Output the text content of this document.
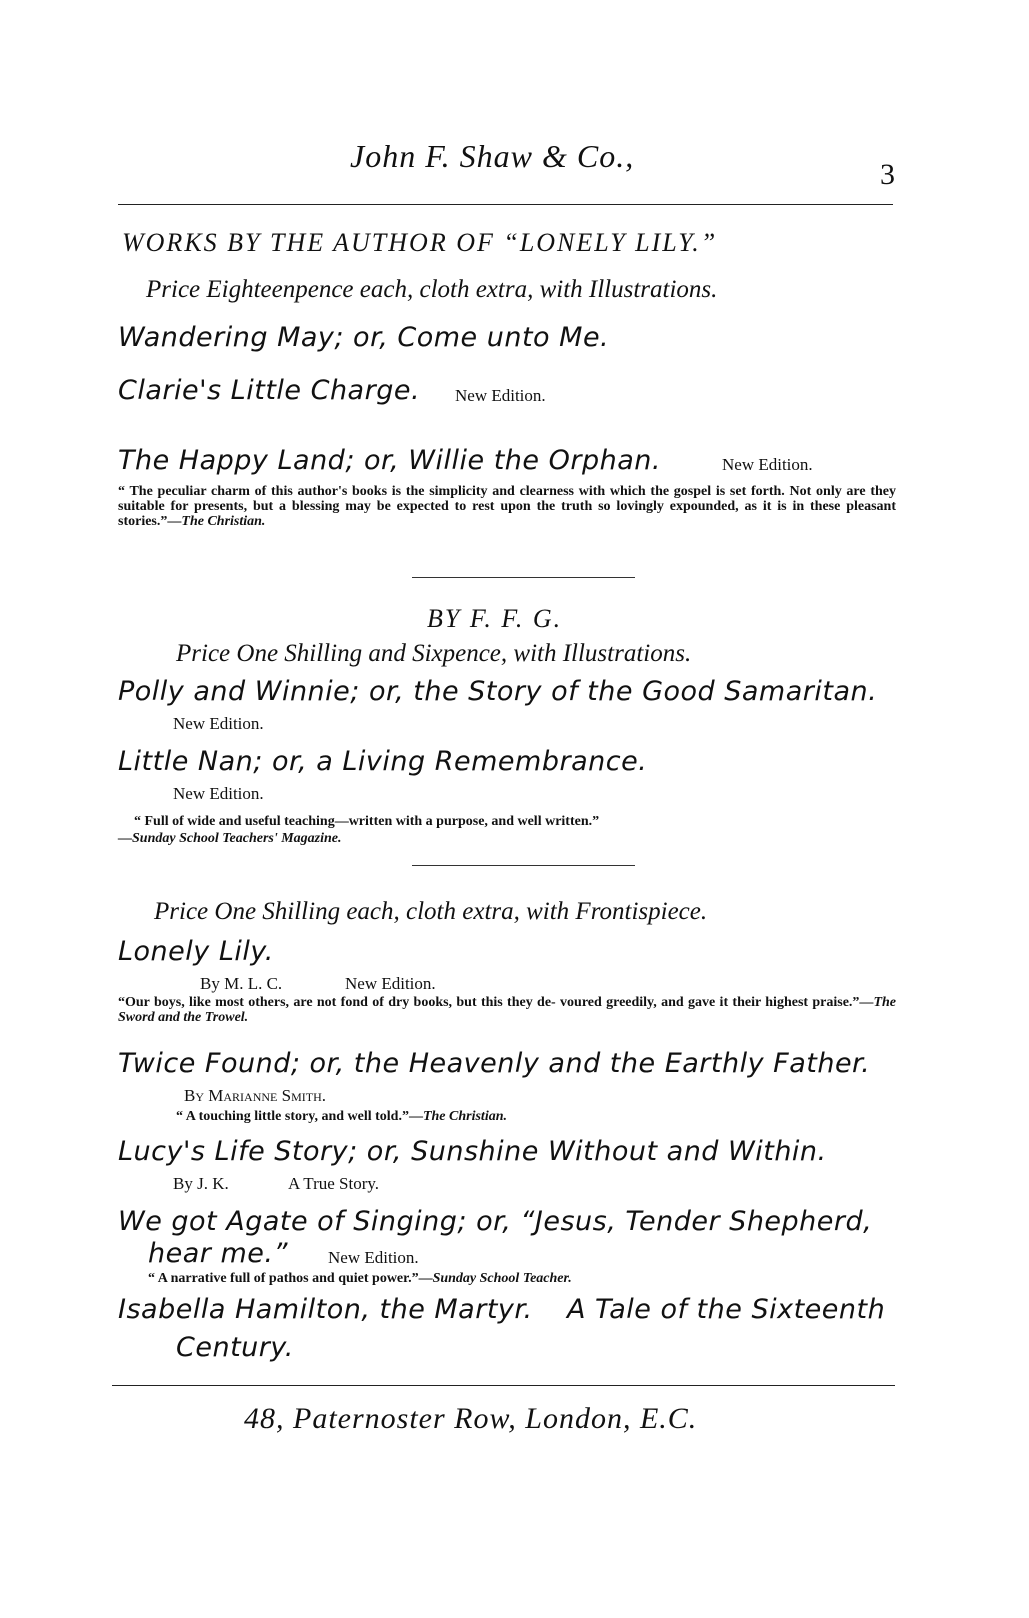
John F. Shaw & Co.,
3
WORKS BY THE AUTHOR OF “LONELY LILY.”
Price Eighteenpence each, cloth extra, with Illustrations.
Wandering May; or, Come unto Me.
Clarie's Little Charge. New Edition.
The Happy Land; or, Willie the Orphan.	New Edition.
“ The peculiar charm of this author's books is the simplicity and clearness with which the gospel is set forth. Not only are they suitable for presents, but a blessing may be expected to rest upon the truth so lovingly expounded, as it is in these pleasant stories.”—The Christian.
BY F. F. G.
Price One Shilling and Sixpence, with Illustrations.
Polly and Winnie; or, the Story of the Good Samaritan.
New Edition.
Little Nan; or, a Living Remembrance.
New Edition.
“ Full of wide and useful teaching—written with a purpose, and well written.”
—Sunday School Teachers' Magazine.
Price One Shilling each, cloth extra, with Frontispiece.
Lonely Lily.
By M. L. C.	New Edition.
“Our boys, like most others, are not fond of dry books, but this they de- voured greedily, and gave it their highest praise.”—The Sword and the Trowel.
Twice Found; or, the Heavenly and the Earthly Father.
By Marianne Smith.
“ A touching little story, and well told.”—The Christian.
Lucy's Life Story; or, Sunshine Without and Within.
By J. K.	A True Story.
We got Agate of Singing; or, “Jesus, Tender Shepherd,
hear me.” New Edition.
“ A narrative full of pathos and quiet power.”—Sunday School Teacher.
Isabella Hamilton, the Martyr. A Tale of the Sixteenth
Century.
48, Paternoster Row, London, E.C.
